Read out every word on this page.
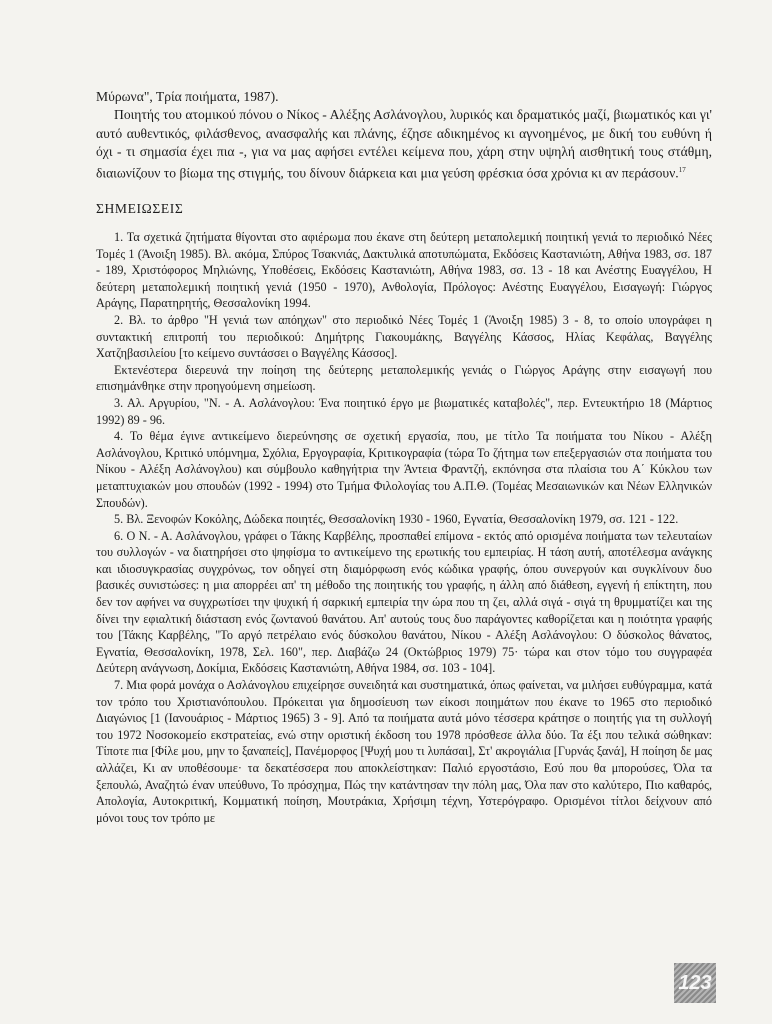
Μύρωνα", Τρία ποιήματα, 1987).

Ποιητής του ατομικού πόνου ο Νίκος - Αλέξης Ασλάνογλου, λυρικός και δραματικός μαζί, βιωματικός και γι' αυτό αυθεντικός, φιλάσθενος, ανασφαλής και πλάνης, έζησε αδικημένος κι αγνοημένος, με δική του ευθύνη ή όχι - τι σημασία έχει πια -, για να μας αφήσει εντέλει κείμενα που, χάρη στην υψηλή αισθητική τους στάθμη, διαιωνίζουν το βίωμα της στιγμής, του δίνουν διάρκεια και μια γεύση φρέσκια όσα χρόνια κι αν περάσουν.$^{17}$

ΣΗΜΕΙΩΣΕΙΣ

1. Τα σχετικά ζητήματα θίγονται στο αφιέρωμα που έκανε στη δεύτερη μεταπολεμική ποιητική γενιά το περιοδικό Νέες Τομές 1 (Άνοιξη 1985). Βλ. ακόμα, Σπύρος Τσακνιάς, Δακτυλικά αποτυπώματα, Εκδόσεις Καστανιώτη, Αθήνα 1983, σσ. 187 - 189, Χριστόφορος Μηλιώνης, Υποθέσεις, Εκδόσεις Καστανιώτη, Αθήνα 1983, σσ. 13 - 18 και Ανέστης Ευαγγέλου, Η δεύτερη μεταπολεμική ποιητική γενιά (1950 - 1970), Ανθολογία, Πρόλογος: Ανέστης Ευαγγέλου, Εισαγωγή: Γιώργος Αράγης, Παρατηρητής, Θεσσαλονίκη 1994.

2. Βλ. το άρθρο "Η γενιά των απόηχων" στο περιοδικό Νέες Τομές 1 (Άνοιξη 1985) 3 - 8, το οποίο υπογράφει η συντακτική επιτροπή του περιοδικού: Δημήτρης Γιακουμάκης, Βαγγέλης Κάσσος, Ηλίας Κεφάλας, Βαγγέλης Χατζηβασιλείου [το κείμενο συντάσσει ο Βαγγέλης Κάσσος].

Εκτενέστερα διερευνά την ποίηση της δεύτερης μεταπολεμικής γενιάς ο Γιώργος Αράγης στην εισαγωγή που επισημάνθηκε στην προηγούμενη σημείωση.

3. Αλ. Αργυρίου, "Ν. - Α. Ασλάνογλου: Ένα ποιητικό έργο με βιωματικές καταβολές", περ. Εντευκτήριο 18 (Μάρτιος 1992) 89 - 96.

4. Το θέμα έγινε αντικείμενο διερεύνησης σε σχετική εργασία, που, με τίτλο Τα ποιήματα του Νίκου - Αλέξη Ασλάνογλου, Κριτικό υπόμνημα, Σχόλια, Εργογραφία, Κριτικογραφία (τώρα Το ζήτημα των επεξεργασιών στα ποιήματα του Νίκου - Αλέξη Ασλάνογλου) και σύμβουλο καθηγήτρια την Άντεια Φραντζή, εκπόνησα στα πλαίσια του Α΄ Κύκλου των μεταπτυχιακών μου σπουδών (1992 - 1994) στο Τμήμα Φιλολογίας του Α.Π.Θ. (Τομέας Μεσαιωνικών και Νέων Ελληνικών Σπουδών).

5. Βλ. Ξενοφών Κοκόλης, Δώδεκα ποιητές, Θεσσαλονίκη 1930 - 1960, Εγνατία, Θεσσαλονίκη 1979, σσ. 121 - 122.

6. Ο Ν. - Α. Ασλάνογλου, γράφει ο Τάκης Καρβέλης, προσπαθεί επίμονα - εκτός από ορισμένα ποιήματα των τελευταίων του συλλογών - να διατηρήσει στο ψηφίσμα το αντικείμενο της ερωτικής του εμπειρίας. Η τάση αυτή, αποτέλεσμα ανάγκης και ιδιοσυγκρασίας συγχρόνως, τον οδηγεί στη διαμόρφωση ενός κώδικα γραφής, όπου συνεργούν και συγκλίνουν δυο βασικές συνιστώσες: η μια απορρέει απ' τη μέθοδο της ποιητικής του γραφής, η άλλη από διάθεση, εγγενή ή επίκτητη, που δεν τον αφήνει να συγχρωτίσει την ψυχική ή σαρκική εμπειρία την ώρα που τη ζει, αλλά σιγά - σιγά τη θρυμματίζει και της δίνει την εφιαλτική διάσταση ενός ζωντανού θανάτου. Απ' αυτούς τους δυο παράγοντες καθορίζεται και η ποιότητα γραφής του [Τάκης Καρβέλης, "Το αργό πετρέλαιο ενός δύσκολου θανάτου, Νίκου - Αλέξη Ασλάνογλου: Ο δύσκολος θάνατος, Εγνατία, Θεσσαλονίκη, 1978, Σελ. 160", περ. Διαβάζω 24 (Οκτώβριος 1979) 75· τώρα και στον τόμο του συγγραφέα Δεύτερη ανάγνωση, Δοκίμια, Εκδόσεις Καστανιώτη, Αθήνα 1984, σσ. 103 - 104].

7. Μια φορά μονάχα ο Ασλάνογλου επιχείρησε συνειδητά και συστηματικά, όπως φαίνεται, να μιλήσει ευθύγραμμα, κατά τον τρόπο του Χριστιανόπουλου. Πρόκειται για δημοσίευση των είκοσι ποιημάτων που έκανε το 1965 στο περιοδικό Διαγώνιος [1 (Ιανουάριος - Μάρτιος 1965) 3 - 9]. Από τα ποιήματα αυτά μόνο τέσσερα κράτησε ο ποιητής για τη συλλογή του 1972 Νοσοκομείο εκστρατείας, ενώ στην οριστική έκδοση του 1978 πρόσθεσε άλλα δύο. Τα έξι που τελικά σώθηκαν: Τίποτε πια [Φίλε μου, μην το ξαναπείς], Πανέμορφος [Ψυχή μου τι λυπάσαι], Στ' ακρογιάλια [Γυρνάς ξανά], Η ποίηση δε μας αλλάζει, Κι αν υποθέσουμε· τα δεκατέσσερα που αποκλείστηκαν: Παλιό εργοστάσιο, Εσύ που θα μπορούσες, Όλα τα ξεπουλώ, Αναζητώ έναν υπεύθυνο, Το πρόσχημα, Πώς την κατάντησαν την πόλη μας, Όλα παν στο καλύτερο, Πιο καθαρός, Απολογία, Αυτοκριτική, Κομματική ποίηση, Μουτράκια, Χρήσιμη τέχνη, Υστερόγραφο. Ορισμένοι τίτλοι δείχνουν από μόνοι τους τον τρόπο με

123
